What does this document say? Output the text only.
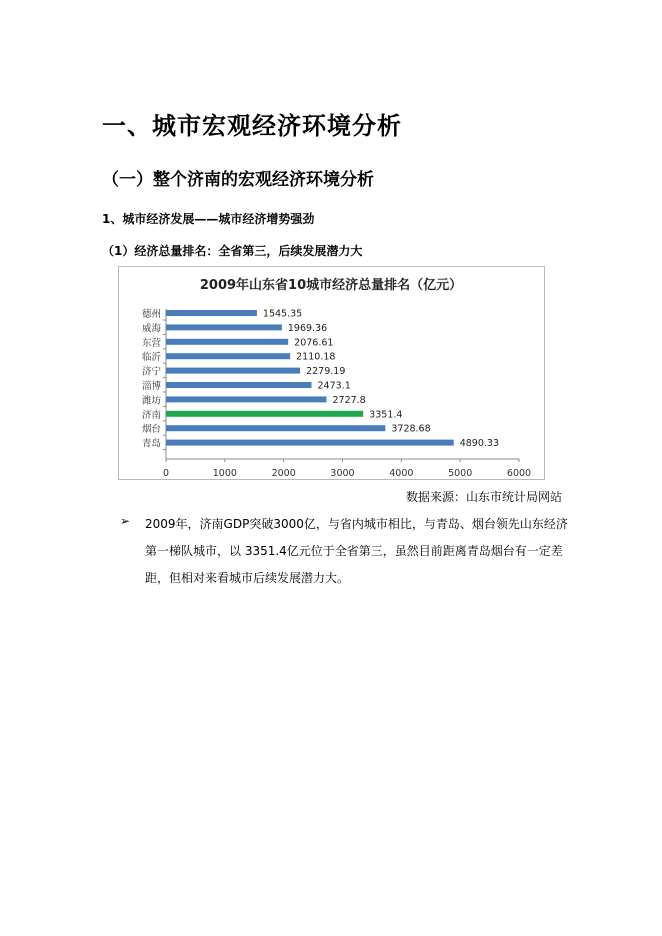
一、城市宏观经济环境分析
（一）整个济南的宏观经济环境分析
1、城市经济发展——城市经济增势强劲
（1）经济总量排名：全省第三，后续发展潜力大
2009年山东省10城市经济总量排名（亿元）
德州	1545.35
威海	1969.36
东营	2076.61
临沂	2110.18
济宁	2279.19
淄博	2473.1
潍坊	2727.8
济南	3351.4
烟台	3728.68
青岛	4890.33
0	1000	2000	3000	4000	5000	6000
数据来源：山东市统计局网站
➢ 2009年，济南GDP突破3000亿，与省内城市相比，与青岛、烟台领先山东经济第一梯队城市，以 3351.4亿元位于全省第三，虽然目前距离青岛烟台有一定差距，但相对来看城市后续发展潜力大。
